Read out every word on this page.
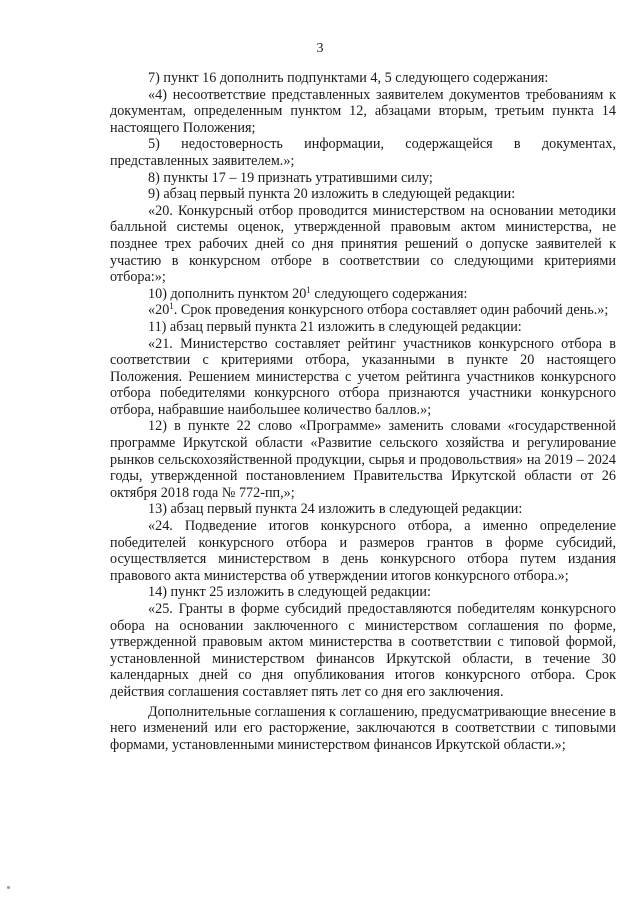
3

7) пункт 16 дополнить подпунктами 4, 5 следующего содержания:

«4) несоответствие представленных заявителем документов требованиям к документам, определенным пунктом 12, абзацами вторым, третьим пункта 14 настоящего Положения;

5) недостоверность информации, содержащейся в документах, представленных заявителем.»;

8) пункты 17 – 19 признать утратившими силу;

9) абзац первый пункта 20 изложить в следующей редакции:

«20. Конкурсный отбор проводится министерством на основании методики балльной системы оценок, утвержденной правовым актом министерства, не позднее трех рабочих дней со дня принятия решений о допуске заявителей к участию в конкурсном отборе в соответствии со следующими критериями отбора:»;

10) дополнить пунктом $20^1$ следующего содержания:

«$20^1$. Срок проведения конкурсного отбора составляет один рабочий день.»;

11) абзац первый пункта 21 изложить в следующей редакции:

«21. Министерство составляет рейтинг участников конкурсного отбора в соответствии с критериями отбора, указанными в пункте 20 настоящего Положения. Решением министерства с учетом рейтинга участников конкурсного отбора победителями конкурсного отбора признаются участники конкурсного отбора, набравшие наибольшее количество баллов.»;

12) в пункте 22 слово «Программе» заменить словами «государственной программе Иркутской области «Развитие сельского хозяйства и регулирование рынков сельскохозяйственной продукции, сырья и продовольствия» на 2019 – 2024 годы, утвержденной постановлением Правительства Иркутской области от 26 октября 2018 года № 772-пп,»;

13) абзац первый пункта 24 изложить в следующей редакции:

«24. Подведение итогов конкурсного отбора, а именно определение победителей конкурсного отбора и размеров грантов в форме субсидий, осуществляется министерством в день конкурсного отбора путем издания правового акта министерства об утверждении итогов конкурсного отбора.»;

14) пункт 25 изложить в следующей редакции:

«25. Гранты в форме субсидий предоставляются победителям конкурсного обора на основании заключенного с министерством соглашения по форме, утвержденной правовым актом министерства в соответствии с типовой формой, установленной министерством финансов Иркутской области, в течение 30 календарных дней со дня опубликования итогов конкурсного отбора. Срок действия соглашения составляет пять лет со дня его заключения.

Дополнительные соглашения к соглашению, предусматривающие внесение в него изменений или его расторжение, заключаются в соответствии с типовыми формами, установленными министерством финансов Иркутской области.»;
